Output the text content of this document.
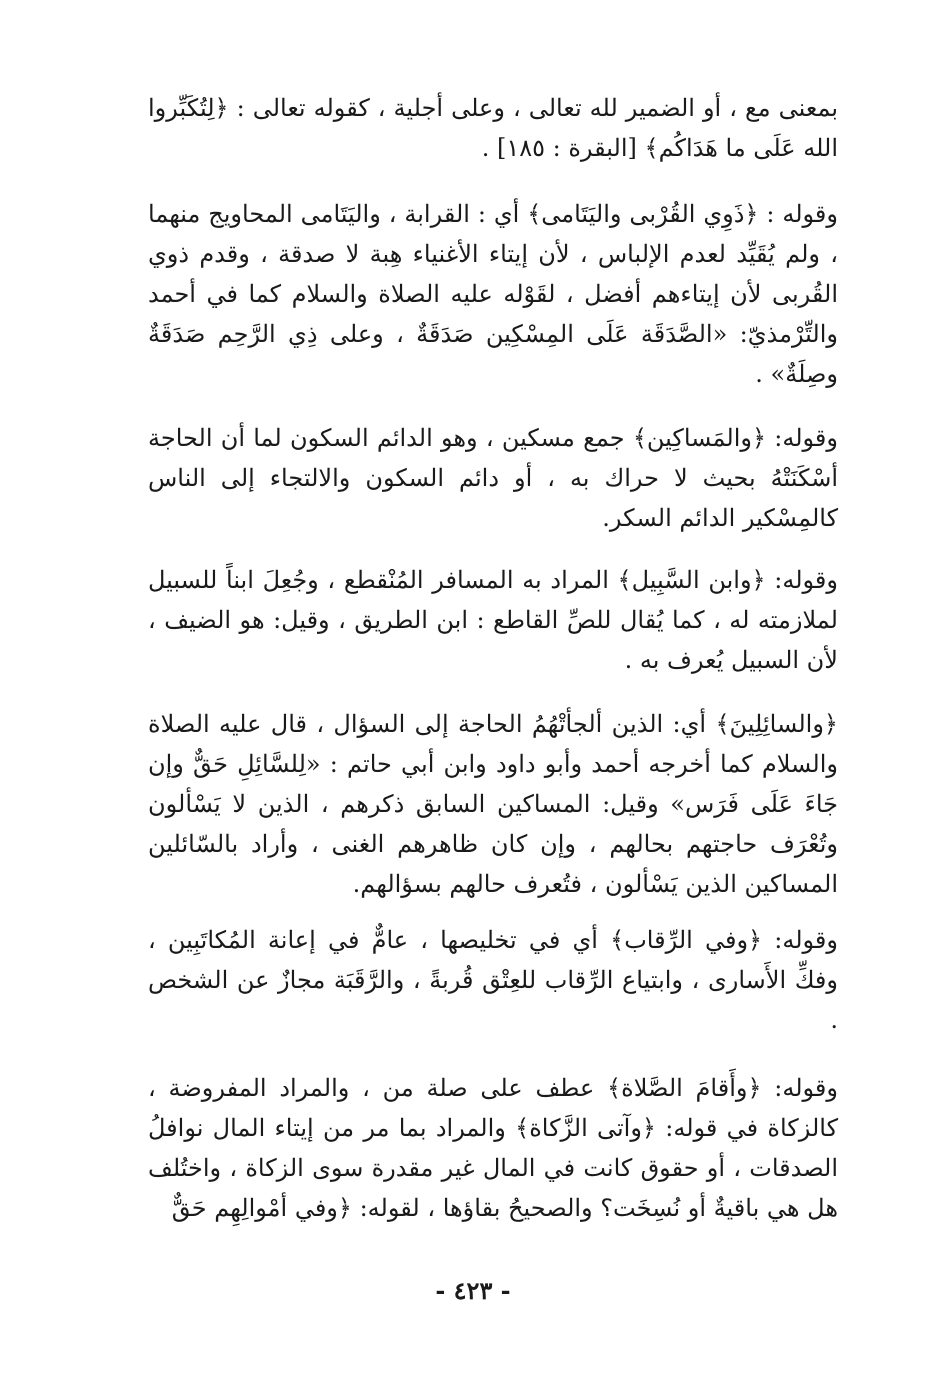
بمعنى مع ، أو الضمير لله تعالى ، وعلى أجلية ، كقوله تعالى : ﴿لِتُكَبِّروا الله عَلَى ما هَدَاكُم﴾ [البقرة : ١٨٥] .

وقوله : ﴿ذَوِي القُرْبى واليَتَامى﴾ أي : القرابة ، واليَتَامى المحاويج منهما ، ولم يُقَيِّد لعدم الإلباس ، لأن إيتاء الأغنياء هِبة لا صدقة ، وقدم ذوي القُربى لأن إيتاءهم أفضل ، لقَوْله عليه الصلاة والسلام كما في أحمد والتِّرْمذيّ: «الصَّدَقَة عَلَى المِسْكِين صَدَقَةٌ ، وعلى ذِي الرَّحِم صَدَقَةٌ وصِلَةٌ» .

وقوله: ﴿والمَساكِين﴾ جمع مسكين ، وهو الدائم السكون لما أن الحاجة أسْكَنَتْهُ بحيث لا حراك به ، أو دائم السكون والالتجاء إلى الناس كالمِسْكير الدائم السكر.

وقوله: ﴿وابن السَّبِيل﴾ المراد به المسافر المُنْقطع ، وجُعِلَ ابناً للسبيل لملازمته له ، كما يُقال للصِّ القاطع : ابن الطريق ، وقيل: هو الضيف ، لأن السبيل يُعرف به .

﴿والسائِلِينَ﴾ أي: الذين ألجأتْهُمُ الحاجة إلى السؤال ، قال عليه الصلاة والسلام كما أخرجه أحمد وأبو داود وابن أبي حاتم : «لِلسَّائِلِ حَقٌّ وإن جَاءَ عَلَى فَرَس» وقيل: المساكين السابق ذكرهم ، الذين لا يَسْألون وتُعْرَف حاجتهم بحالهم ، وإن كان ظاهرهم الغنى ، وأراد بالسّائلين المساكين الذين يَسْألون ، فتُعرف حالهم بسؤالهم.

وقوله: ﴿وفي الرِّقاب﴾ أي في تخليصها ، عامٌّ في إعانة المُكاتَبِين ، وفكِّ الأَسارى ، وابتياع الرِّقاب للعِتْق قُربةً ، والرَّقَبَة مجازٌ عن الشخص .

وقوله: ﴿وأَقامَ الصَّلاة﴾ عطف على صلة من ، والمراد المفروضة ، كالزكاة في قوله: ﴿وآتى الزَّكاة﴾ والمراد بما مر من إيتاء المال نوافلُ الصدقات ، أو حقوق كانت في المال غير مقدرة سوى الزكاة ، واختُلف هل هي باقيةٌ أو نُسِخَت؟ والصحيحُ بقاؤها ، لقوله: ﴿وفي أمْوالِهِم حَقٌّ

- ٤٢٣ -
